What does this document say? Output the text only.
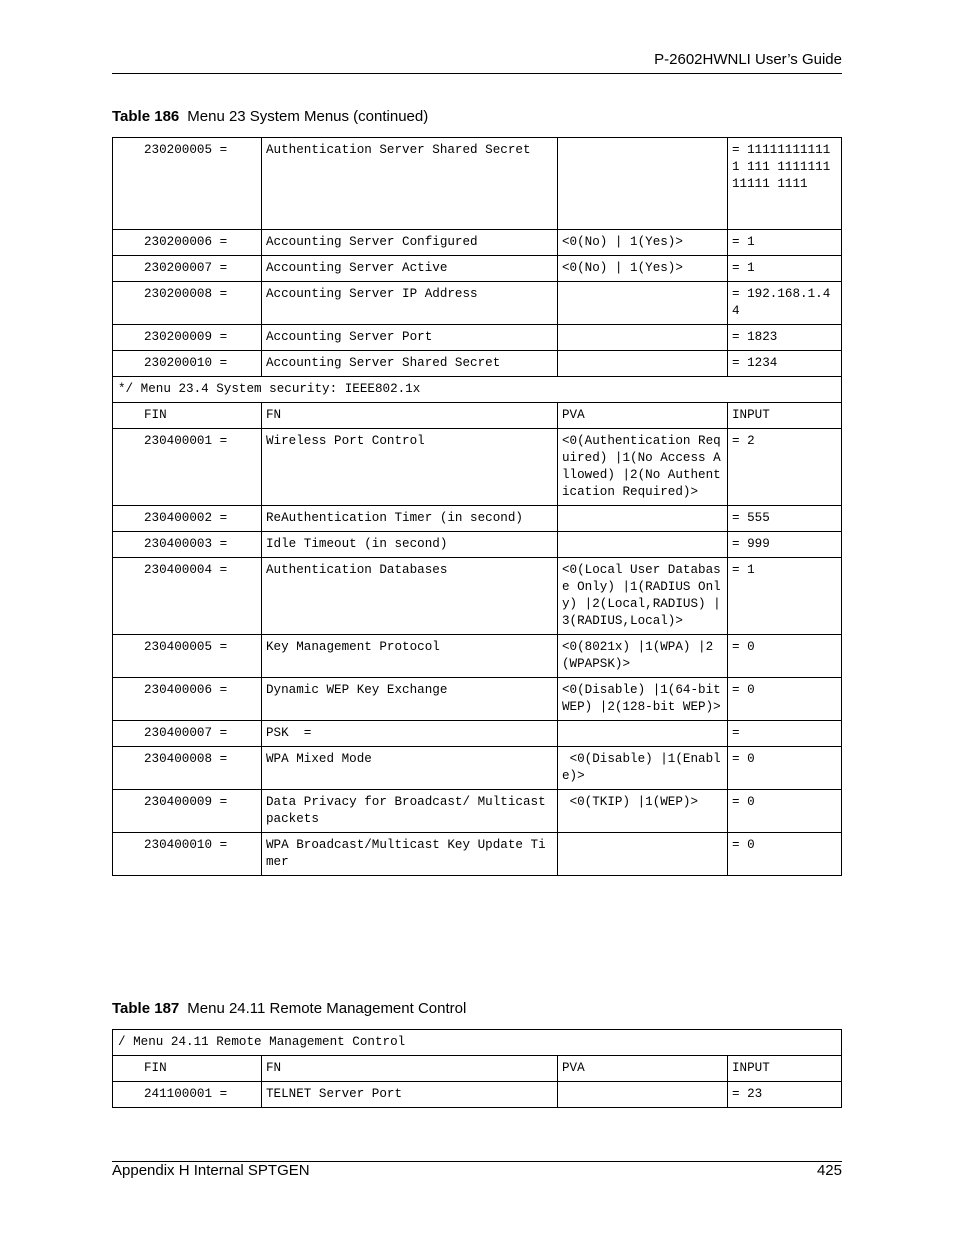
P-2602HWNLI User’s Guide
Table 186 Menu 23 System Menus (continued)
230200005 =	Authentication Server Shared Secret		= 111111111111 111 111111111111 1111
230200006 =	Accounting Server Configured	<0(No) | 1(Yes)>	= 1
230200007 =	Accounting Server Active	<0(No) | 1(Yes)>	= 1
230200008 =	Accounting Server IP Address		= 192.168.1.44
230200009 =	Accounting Server Port		= 1823
230200010 =	Accounting Server Shared Secret		= 1234
*/ Menu 23.4 System security: IEEE802.1x			
FIN	FN	PVA	INPUT
230400001 =	Wireless Port Control	<0(Authentication Required) |1(No Access Allowed) |2(No Authentication Required)>	= 2
230400002 =	ReAuthentication Timer (in second)		= 555
230400003 =	Idle Timeout (in second)		= 999
230400004 =	Authentication Databases	<0(Local User Database Only) |1(RADIUS Only) |2(Local,RADIUS) |3(RADIUS,Local)>	= 1
230400005 =	Key Management Protocol	<0(8021x) |1(WPA) |2(WPAPSK)>	= 0
230400006 =	Dynamic WEP Key Exchange	<0(Disable) |1(64-bit WEP) |2(128-bit WEP)>	= 0
230400007 =	PSK  =		=
230400008 =	WPA Mixed Mode	<0(Disable) |1(Enable)>	= 0
230400009 =	Data Privacy for Broadcast/ Multicast packets	<0(TKIP) |1(WEP)>	= 0
230400010 =	WPA Broadcast/Multicast Key Update Timer		= 0
Table 187 Menu 24.11 Remote Management Control
/ Menu 24.11 Remote Management Control			
FIN	FN	PVA	INPUT
241100001 =	TELNET Server Port		= 23
Appendix H Internal SPTGEN	425
